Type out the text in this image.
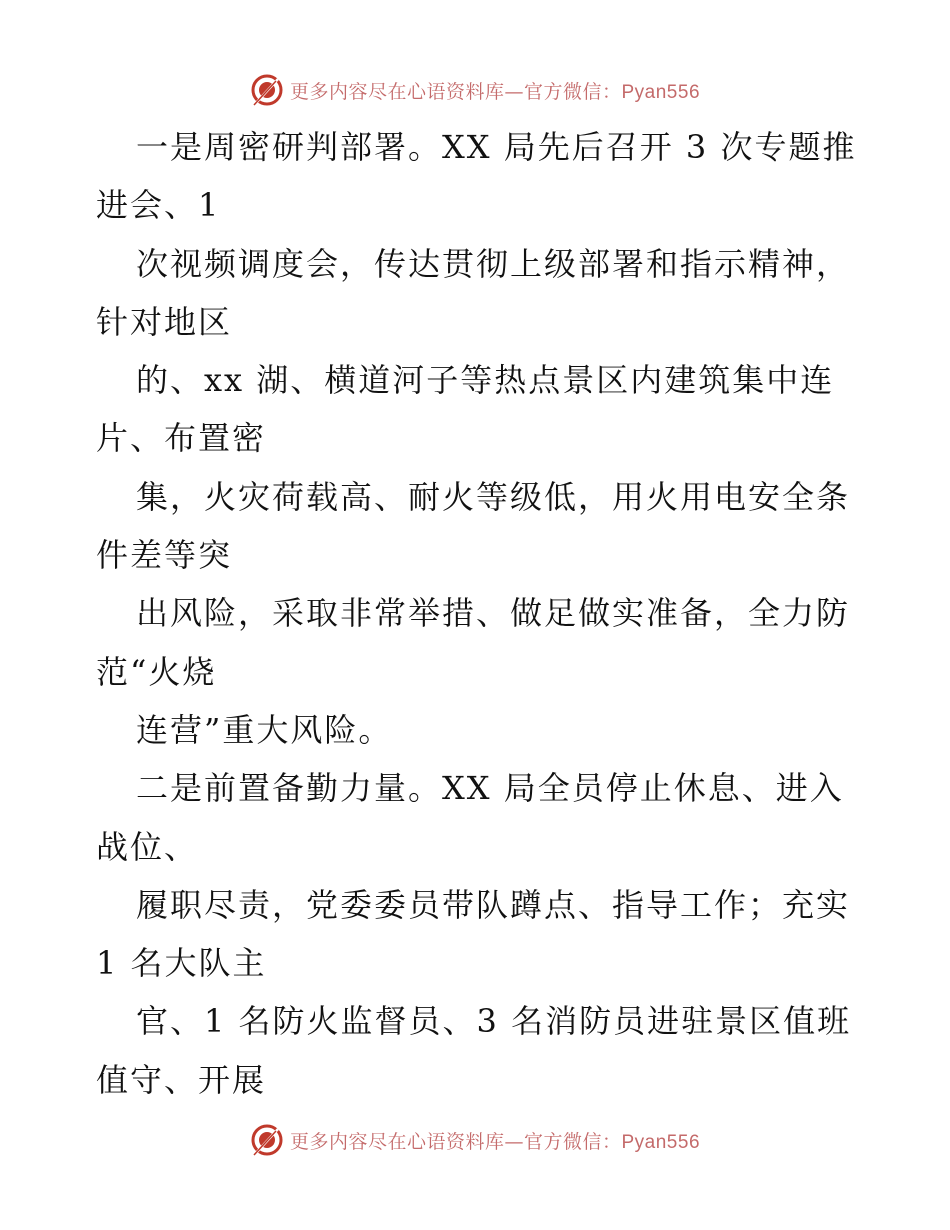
更多内容尽在心语资料库—官方微信：Pyan556
一是周密研判部署。XX 局先后召开 3 次专题推
进会、1
次视频调度会，传达贯彻上级部署和指示精神，
针对地区
的、xx 湖、横道河子等热点景区内建筑集中连
片、布置密
集，火灾荷载高、耐火等级低，用火用电安全条
件差等突
出风险，采取非常举措、做足做实准备，全力防
范“火烧
连营”重大风险。
二是前置备勤力量。XX 局全员停止休息、进入
战位、
履职尽责，党委委员带队蹲点、指导工作；充实
1 名大队主
官、1 名防火监督员、3 名消防员进驻景区值班
值守、开展
更多内容尽在心语资料库—官方微信：Pyan556
